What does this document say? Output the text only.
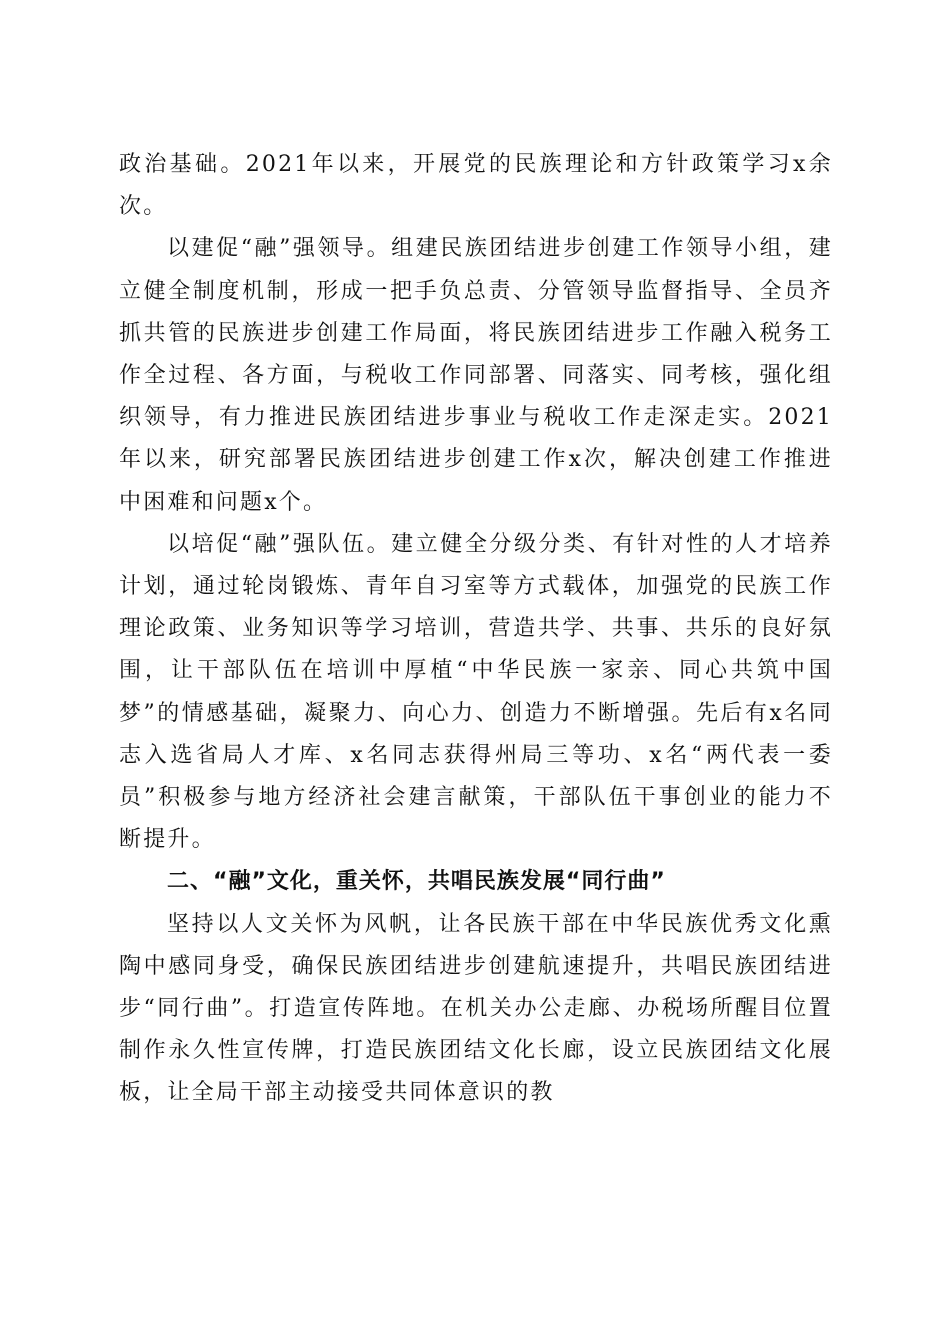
政治基础。2021年以来，开展党的民族理论和方针政策学习x余次。

以建促“融”强领导。组建民族团结进步创建工作领导小组，建立健全制度机制，形成一把手负总责、分管领导监督指导、全员齐抓共管的民族进步创建工作局面，将民族团结进步工作融入税务工作全过程、各方面，与税收工作同部署、同落实、同考核，强化组织领导，有力推进民族团结进步事业与税收工作走深走实。2021年以来，研究部署民族团结进步创建工作x次，解决创建工作推进中困难和问题x个。

以培促“融”强队伍。建立健全分级分类、有针对性的人才培养计划，通过轮岗锻炼、青年自习室等方式载体，加强党的民族工作理论政策、业务知识等学习培训，营造共学、共事、共乐的良好氛围，让干部队伍在培训中厚植“中华民族一家亲、同心共筑中国梦”的情感基础，凝聚力、向心力、创造力不断增强。先后有x名同志入选省局人才库、x名同志获得州局三等功、x名“两代表一委员”积极参与地方经济社会建言献策，干部队伍干事创业的能力不断提升。

二、“融”文化，重关怀，共唱民族发展“同行曲”

坚持以人文关怀为风帆，让各民族干部在中华民族优秀文化熏陶中感同身受，确保民族团结进步创建航速提升，共唱民族团结进步“同行曲”。打造宣传阵地。在机关办公走廊、办税场所醒目位置制作永久性宣传牌，打造民族团结文化长廊，设立民族团结文化展板，让全局干部主动接受共同体意识的教
